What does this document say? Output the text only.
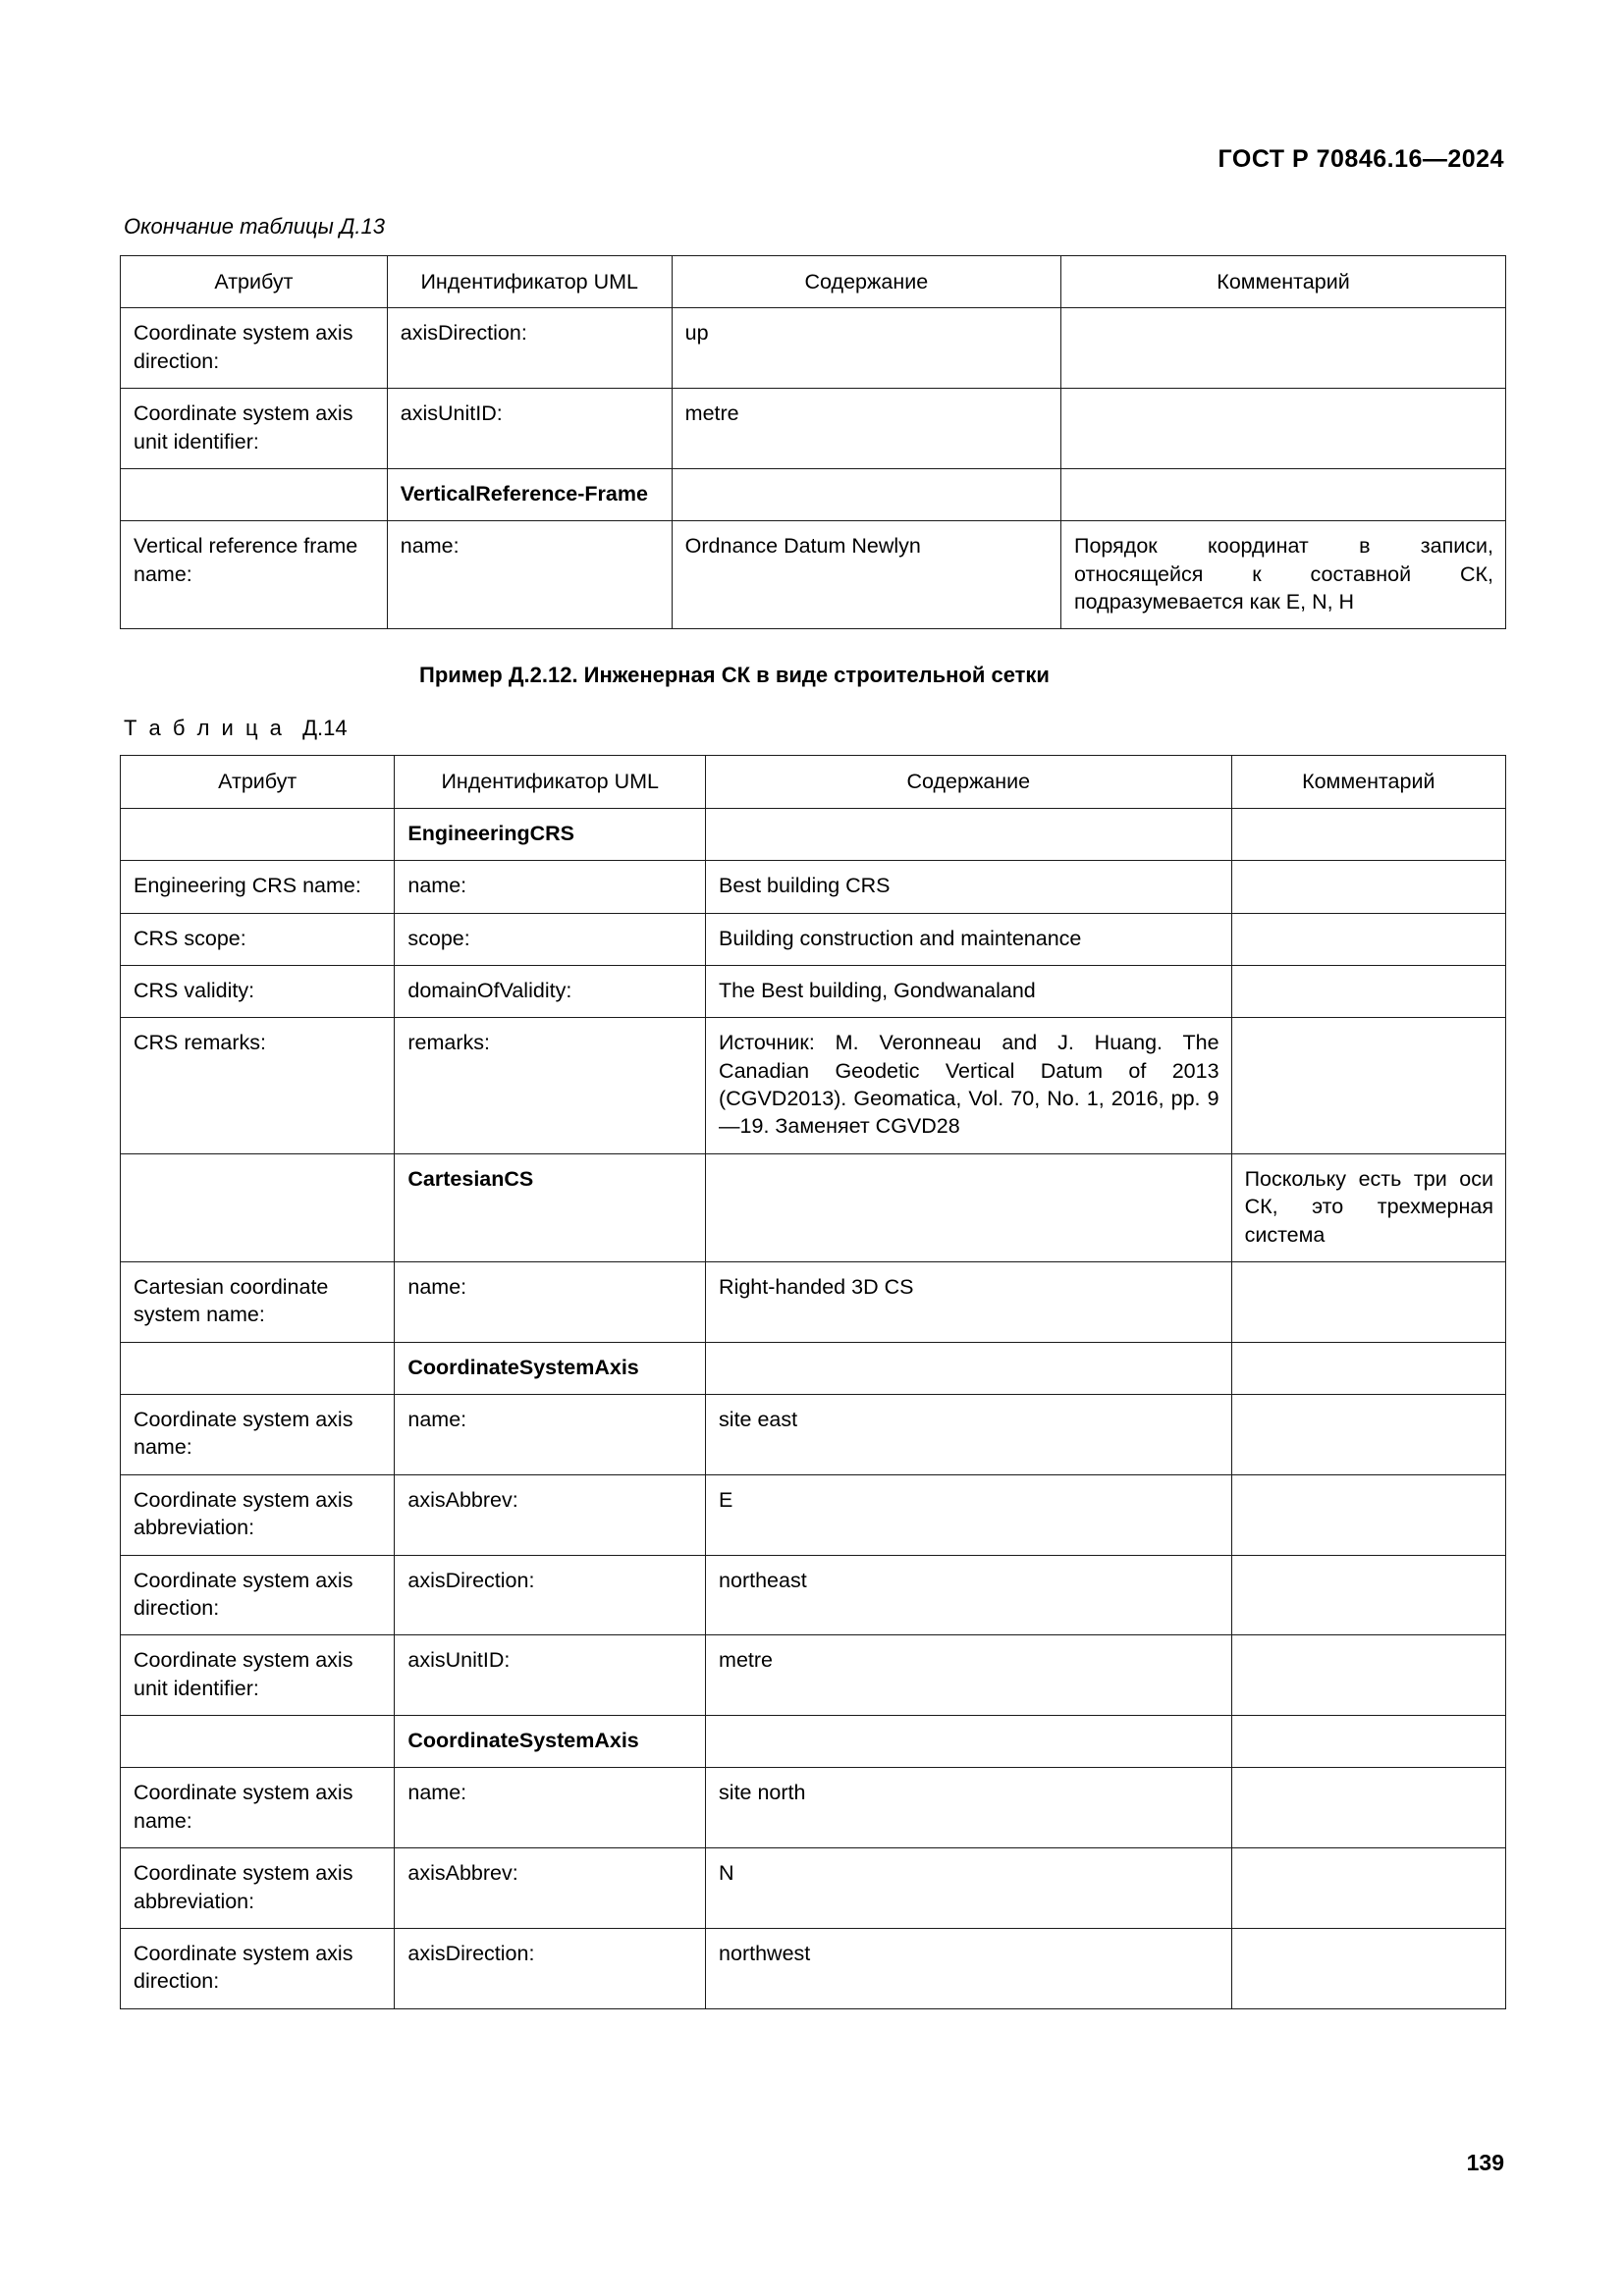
ГОСТ Р 70846.16—2024
Окончание таблицы Д.13
Атрибут	Индентификатор UML	Содержание	Комментарий
Coordinate system axis direction:	axisDirection:	up	
Coordinate system axis unit identifier:	axisUnitID:	metre	
	VerticalReference-Frame		
Vertical reference frame name:	name:	Ordnance Datum Newlyn	Порядок координат в записи, относящейся к составной СК, подразумевается как E, N, H
Пример Д.2.12. Инженерная СК в виде строительной сетки
Т а б л и ц а Д.14
Атрибут	Индентификатор UML	Содержание	Комментарий
	EngineeringCRS		
Engineering CRS name:	name:	Best building CRS	
CRS scope:	scope:	Building construction and maintenance	
CRS validity:	domainOfValidity:	The Best building, Gondwanaland	
CRS remarks:	remarks:	Источник: M. Veronneau and J. Huang. The Canadian Geodetic Vertical Datum of 2013 (CGVD2013). Geomatica, Vol. 70, No. 1, 2016, pp. 9—19. Заменяет CGVD28	
	CartesianCS		Поскольку есть три оси СК, это трехмерная система
Cartesian coordinate system name:	name:	Right-handed 3D CS	
	CoordinateSystemAxis		
Coordinate system axis name:	name:	site east	
Coordinate system axis abbreviation:	axisAbbrev:	E	
Coordinate system axis direction:	axisDirection:	northeast	
Coordinate system axis unit identifier:	axisUnitID:	metre	
	CoordinateSystemAxis		
Coordinate system axis name:	name:	site north	
Coordinate system axis abbreviation:	axisAbbrev:	N	
Coordinate system axis direction:	axisDirection:	northwest	
139
